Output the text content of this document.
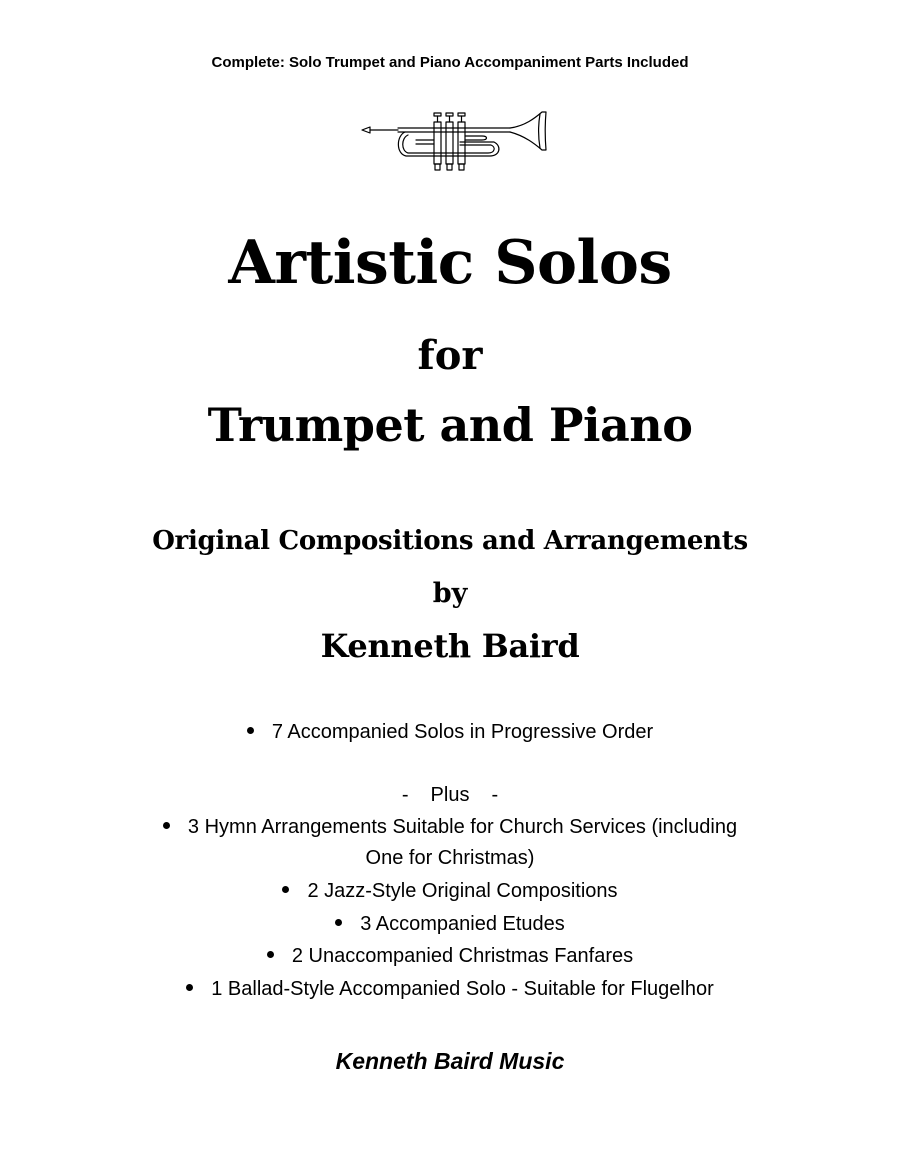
Complete: Solo Trumpet and Piano Accompaniment Parts Included
Artistic Solos
for
Trumpet and Piano
Original Compositions and Arrangements
by
Kenneth Baird
7 Accompanied Solos in Progressive Order
- Plus -
3 Hymn Arrangements Suitable for Church Services (including
One for Christmas)
2 Jazz-Style Original Compositions
3 Accompanied Etudes
2 Unaccompanied Christmas Fanfares
1 Ballad-Style Accompanied Solo - Suitable for Flugelhor
Kenneth Baird Music
